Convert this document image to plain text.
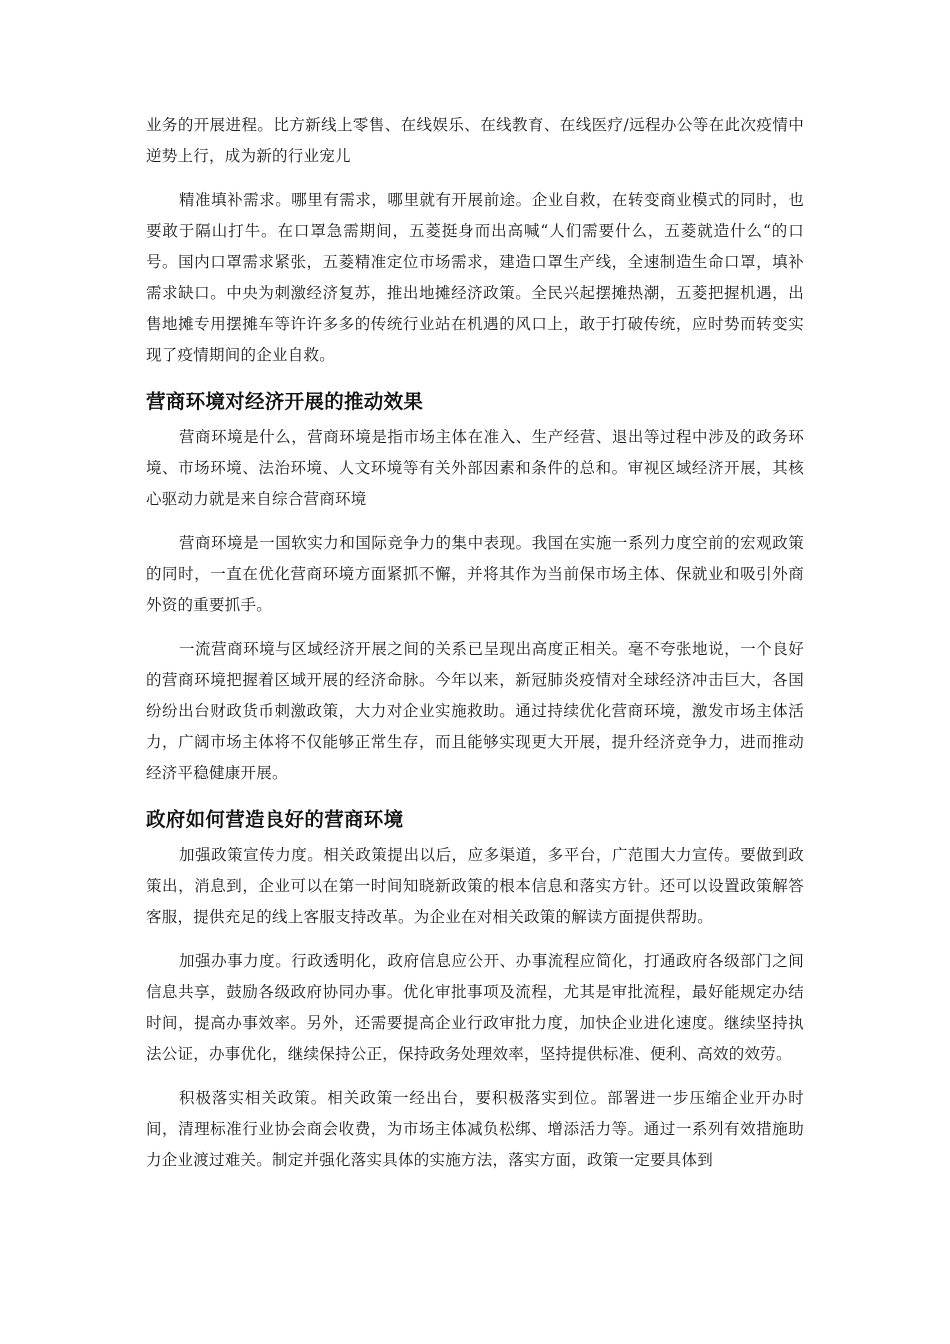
业务的开展进程。比方新线上零售、在线娱乐、在线教育、在线医疗/远程办公等在此次疫情中逆势上行，成为新的行业宠儿

精准填补需求。哪里有需求，哪里就有开展前途。企业自救，在转变商业模式的同时，也要敢于隔山打牛。在口罩急需期间，五菱挺身而出高喊“人们需要什么，五菱就造什么“的口号。国内口罩需求紧张，五菱精准定位市场需求，建造口罩生产线，全速制造生命口罩，填补需求缺口。中央为刺激经济复苏，推出地摊经济政策。全民兴起摆摊热潮，五菱把握机遇，出售地摊专用摆摊车等许许多多的传统行业站在机遇的风口上，敢于打破传统，应时势而转变实现了疫情期间的企业自救。

营商环境对经济开展的推动效果

营商环境是什么，营商环境是指市场主体在准入、生产经营、退出等过程中涉及的政务环境、市场环境、法治环境、人文环境等有关外部因素和条件的总和。审视区域经济开展，其核心驱动力就是来自综合营商环境

营商环境是一国软实力和国际竞争力的集中表现。我国在实施一系列力度空前的宏观政策的同时，一直在优化营商环境方面紧抓不懈，并将其作为当前保市场主体、保就业和吸引外商外资的重要抓手。

一流营商环境与区域经济开展之间的关系已呈现出高度正相关。毫不夸张地说，一个良好的营商环境把握着区域开展的经济命脉。今年以来，新冠肺炎疫情对全球经济冲击巨大，各国纷纷出台财政货币刺激政策，大力对企业实施救助。通过持续优化营商环境，激发市场主体活力，广阔市场主体将不仅能够正常生存，而且能够实现更大开展，提升经济竞争力，进而推动经济平稳健康开展。

政府如何营造良好的营商环境

加强政策宣传力度。相关政策提出以后，应多渠道，多平台，广范围大力宣传。要做到政策出，消息到，企业可以在第一时间知晓新政策的根本信息和落实方针。还可以设置政策解答客服，提供充足的线上客服支持改革。为企业在对相关政策的解读方面提供帮助。

加强办事力度。行政透明化，政府信息应公开、办事流程应简化，打通政府各级部门之间信息共享，鼓励各级政府协同办事。优化审批事项及流程，尤其是审批流程，最好能规定办结时间，提高办事效率。另外，还需要提高企业行政审批力度，加快企业进化速度。继续坚持执法公证，办事优化，继续保持公正，保持政务处理效率，坚持提供标准、便利、高效的效劳。

积极落实相关政策。相关政策一经出台，要积极落实到位。部署进一步压缩企业开办时间，清理标准行业协会商会收费，为市场主体减负松绑、增添活力等。通过一系列有效措施助力企业渡过难关。制定并强化落实具体的实施方法，落实方面，政策一定要具体到
